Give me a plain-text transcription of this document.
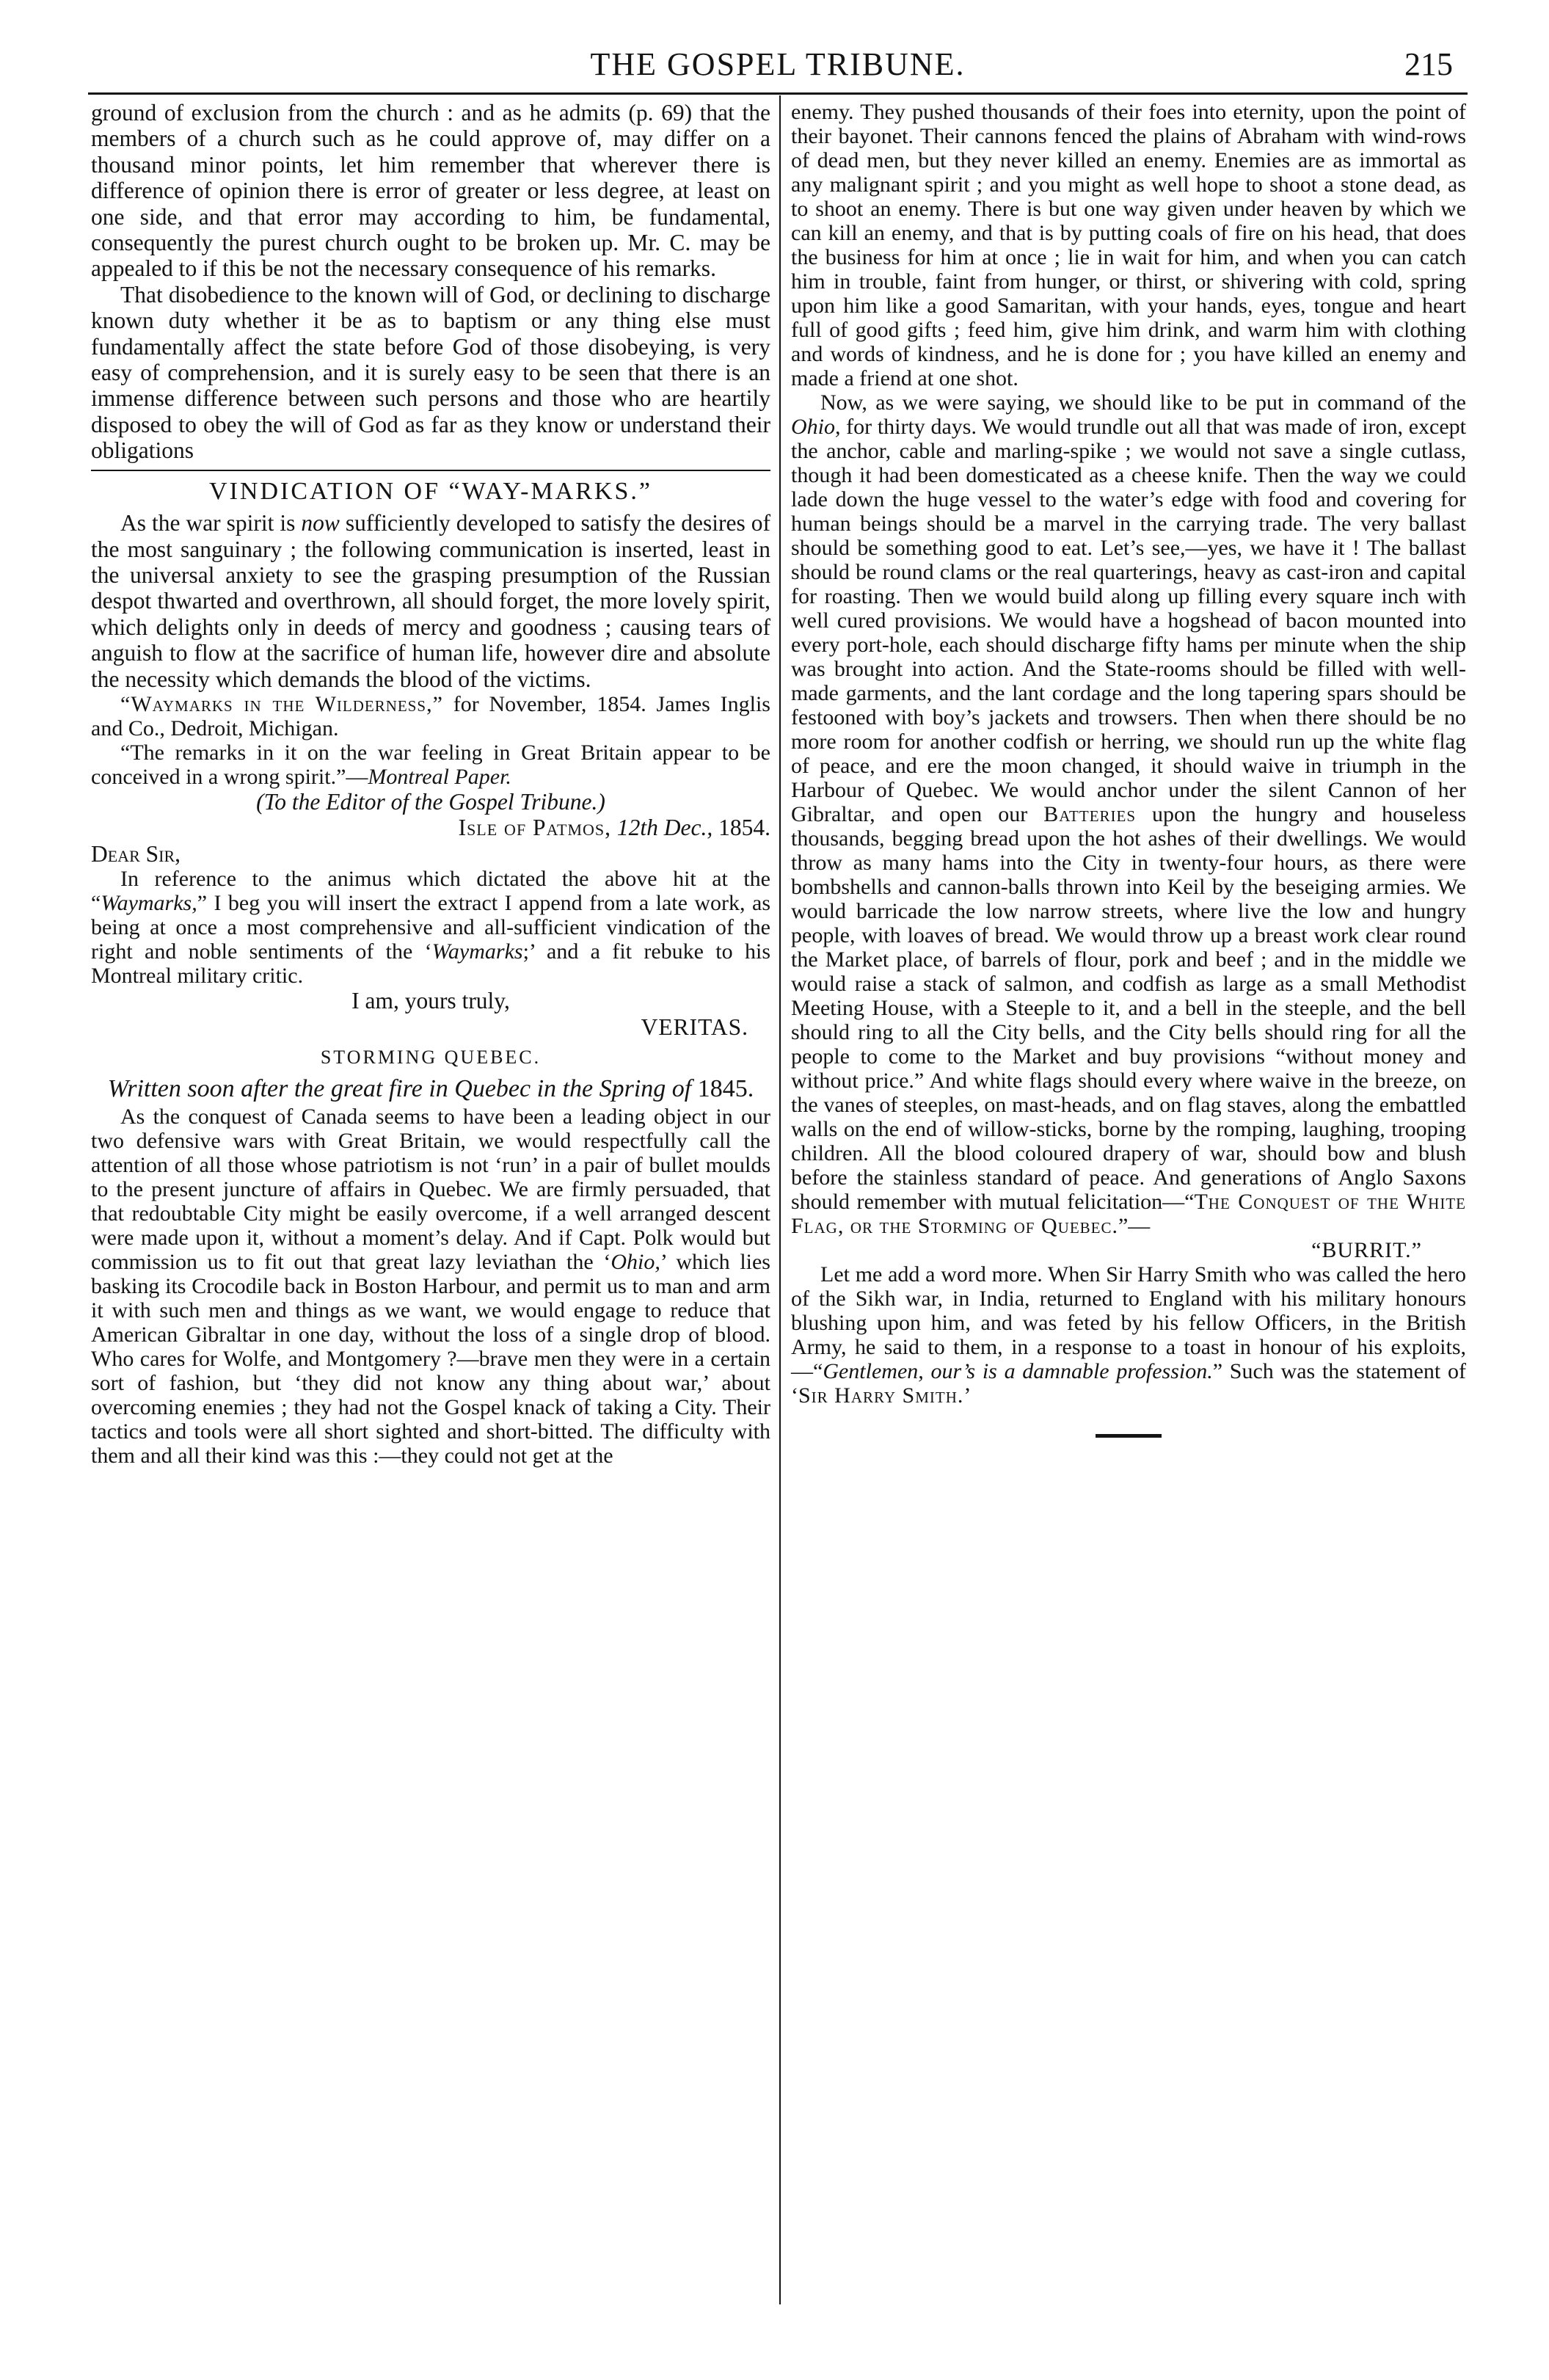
THE GOSPEL TRIBUNE.	215

ground of exclusion from the church : and as he admits (p. 69) that the members of a church such as he could approve of, may differ on a thousand minor points, let him remember that wherever there is difference of opinion there is error of greater or less degree, at least on one side, and that error may according to him, be fundamental, consequently the purest church ought to be broken up. Mr. C. may be appealed to if this be not the necessary consequence of his remarks.

That disobedience to the known will of God, or declining to discharge known duty whether it be as to baptism or any thing else must fundamentally affect the state before God of those disobeying, is very easy of comprehension, and it is surely easy to be seen that there is an immense difference between such persons and those who are heartily disposed to obey the will of God as far as they know or understand their obligations

VINDICATION OF “WAY-MARKS.”

As the war spirit is now sufficiently developed to satisfy the desires of the most sanguinary ; the following communication is inserted, least in the universal anxiety to see the grasping presumption of the Russian despot thwarted and overthrown, all should forget, the more lovely spirit, which delights only in deeds of mercy and goodness ; causing tears of anguish to flow at the sacrifice of human life, however dire and absolute the necessity which demands the blood of the victims.

“Waymarks in the Wilderness,” for November, 1854. James Inglis and Co., Dedroit, Michigan.

“The remarks in it on the war feeling in Great Britain appear to be conceived in a wrong spirit.”—Montreal Paper.

(To the Editor of the Gospel Tribune.)

Isle of Patmos, 12th Dec., 1854.

Dear Sir,

In reference to the animus which dictated the above hit at the “Waymarks,” I beg you will insert the extract I append from a late work, as being at once a most comprehensive and all-sufficient vindication of the right and noble sentiments of the ‘Waymarks;’ and a fit rebuke to his Montreal military critic.

I am, yours truly,

VERITAS.

STORMING QUEBEC.
Written soon after the great fire in Quebec in the Spring of 1845.

As the conquest of Canada seems to have been a leading object in our two defensive wars with Great Britain, we would respectfully call the attention of all those whose patriotism is not ‘run’ in a pair of bullet moulds to the present juncture of affairs in Quebec. We are firmly persuaded, that that redoubtable City might be easily overcome, if a well arranged descent were made upon it, without a moment’s delay. And if Capt. Polk would but commission us to fit out that great lazy leviathan the ‘Ohio,’ which lies basking its Crocodile back in Boston Harbour, and permit us to man and arm it with such men and things as we want, we would engage to reduce that American Gibraltar in one day, without the loss of a single drop of blood. Who cares for Wolfe, and Montgomery ?—brave men they were in a certain sort of fashion, but ‘they did not know any thing about war,’ about overcoming enemies ; they had not the Gospel knack of taking a City. Their tactics and tools were all short sighted and short-bitted. The difficulty with them and all their kind was this :—they could not get at the

enemy. They pushed thousands of their foes into eternity, upon the point of their bayonet. Their cannons fenced the plains of Abraham with wind-rows of dead men, but they never killed an enemy. Enemies are as immortal as any malignant spirit ; and you might as well hope to shoot a stone dead, as to shoot an enemy. There is but one way given under heaven by which we can kill an enemy, and that is by putting coals of fire on his head, that does the business for him at once ; lie in wait for him, and when you can catch him in trouble, faint from hunger, or thirst, or shivering with cold, spring upon him like a good Samaritan, with your hands, eyes, tongue and heart full of good gifts ; feed him, give him drink, and warm him with clothing and words of kindness, and he is done for ; you have killed an enemy and made a friend at one shot.

Now, as we were saying, we should like to be put in command of the Ohio, for thirty days. We would trundle out all that was made of iron, except the anchor, cable and marling-spike ; we would not save a single cutlass, though it had been domesticated as a cheese knife. Then the way we could lade down the huge vessel to the water’s edge with food and covering for human beings should be a marvel in the carrying trade. The very ballast should be something good to eat. Let’s see,—yes, we have it ! The ballast should be round clams or the real quarterings, heavy as cast-iron and capital for roasting. Then we would build along up filling every square inch with well cured provisions. We would have a hogshead of bacon mounted into every port-hole, each should discharge fifty hams per minute when the ship was brought into action. And the State-rooms should be filled with well-made garments, and the lant cordage and the long tapering spars should be festooned with boy’s jackets and trowsers. Then when there should be no more room for another codfish or herring, we should run up the white flag of peace, and ere the moon changed, it should waive in triumph in the Harbour of Quebec. We would anchor under the silent Cannon of her Gibraltar, and open our Batteries upon the hungry and houseless thousands, begging bread upon the hot ashes of their dwellings. We would throw as many hams into the City in twenty-four hours, as there were bombshells and cannon-balls thrown into Keil by the beseiging armies. We would barricade the low narrow streets, where live the low and hungry people, with loaves of bread. We would throw up a breast work clear round the Market place, of barrels of flour, pork and beef ; and in the middle we would raise a stack of salmon, and codfish as large as a small Methodist Meeting House, with a Steeple to it, and a bell in the steeple, and the bell should ring to all the City bells, and the City bells should ring for all the people to come to the Market and buy provisions “without money and without price.” And white flags should every where waive in the breeze, on the vanes of steeples, on mast-heads, and on flag staves, along the embattled walls on the end of willow-sticks, borne by the romping, laughing, trooping children. All the blood coloured drapery of war, should bow and blush before the stainless standard of peace. And generations of Anglo Saxons should remember with mutual felicitation—“The Conquest of the White Flag, or the Storming of Quebec.”—

“BURRIT.”

Let me add a word more. When Sir Harry Smith who was called the hero of the Sikh war, in India, returned to England with his military honours blushing upon him, and was feted by his fellow Officers, in the British Army, he said to them, in a response to a toast in honour of his exploits,—“Gentlemen, our’s is a damnable profession.” Such was the statement of ‘Sir Harry Smith.’
